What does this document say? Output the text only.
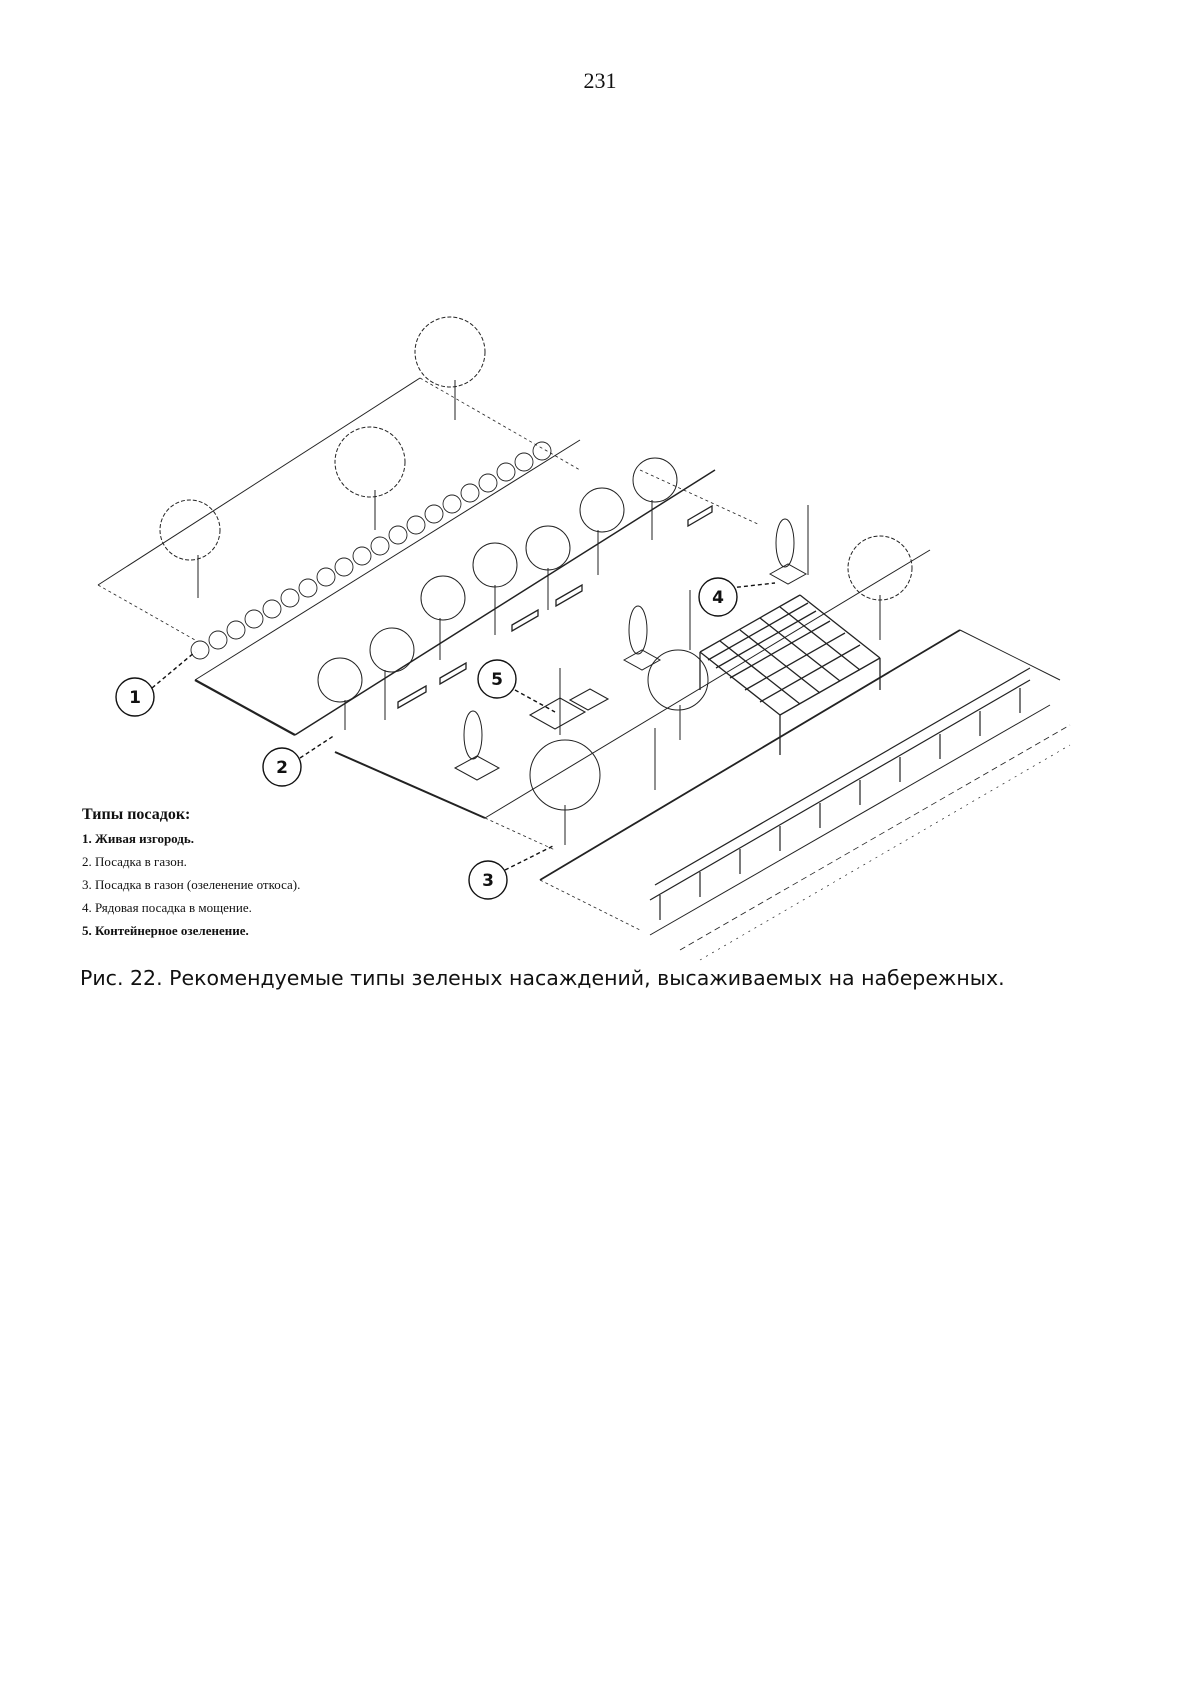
231
1
2
3
4
5
Типы посадок:
1. Живая изгородь.
2. Посадка в газон.
3. Посадка в газон (озеленение откоса).
4. Рядовая посадка в мощение.
5. Контейнерное озеленение.
Рис. 22. Рекомендуемые типы зеленых насаждений, высаживаемых на набережных.
